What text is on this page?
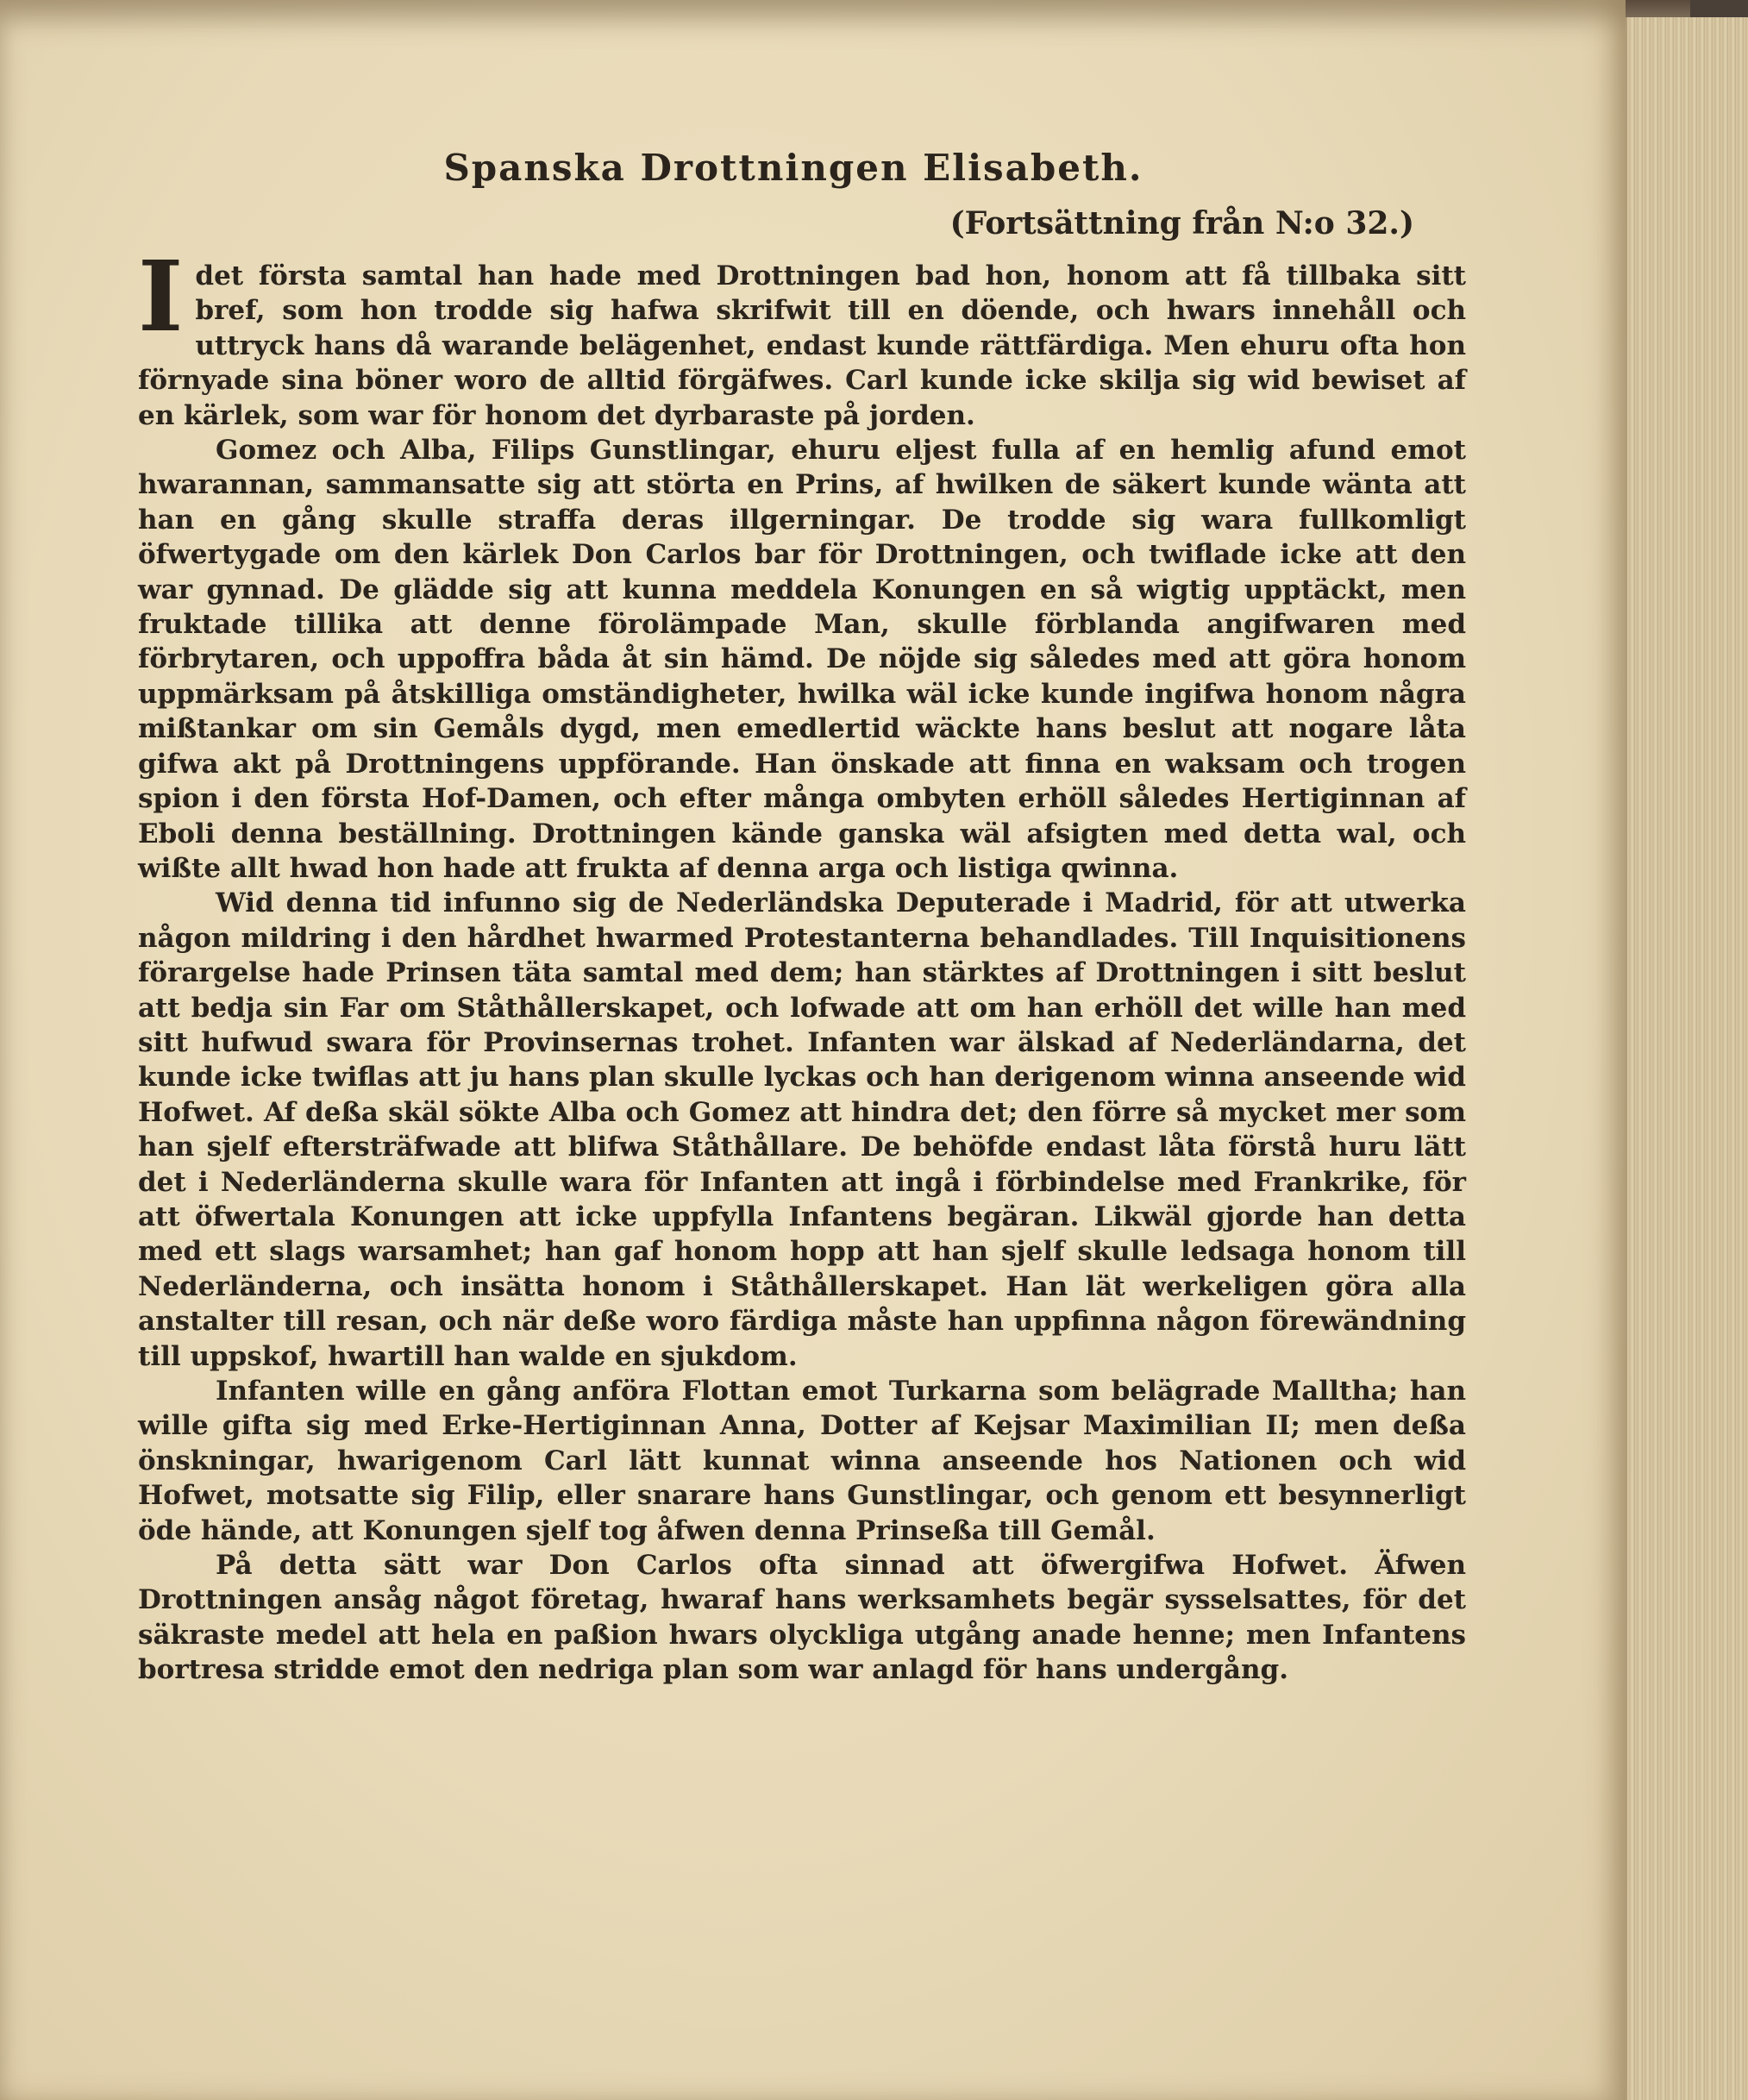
Spanska Drottningen Elisabeth.
(Fortsättning från N:o 32.)

I det första samtal han hade med Drottningen bad hon, honom att få tillbaka sitt bref, som hon trodde sig hafwa skrifwit till en döende, och hwars innehåll och uttryck hans då warande belägenhet, endast kunde rättfärdiga. Men ehuru ofta hon förnyade sina böner woro de alltid förgäfwes. Carl kunde icke skilja sig wid bewiset af en kärlek, som war för honom det dyrbaraste på jorden.

Gomez och Alba, Filips Gunstlingar, ehuru eljest fulla af en hemlig afund emot hwarannan, sammansatte sig att störta en Prins, af hwilken de säkert kunde wänta att han en gång skulle straffa deras illgerningar. De trodde sig wara fullkomligt öfwertygade om den kärlek Don Carlos bar för Drottningen, och twiflade icke att den war gynnad. De glädde sig att kunna meddela Konungen en så wigtig upptäckt, men fruktade tillika att denne förolämpade Man, skulle förblanda angifwaren med förbrytaren, och uppoffra båda åt sin hämd. De nöjde sig således med att göra honom uppmärksam på åtskilliga omständigheter, hwilka wäl icke kunde ingifwa honom några mißtankar om sin Gemåls dygd, men emedlertid wäckte hans beslut att nogare låta gifwa akt på Drottningens uppförande. Han önskade att finna en waksam och trogen spion i den första Hof-Damen, och efter många ombyten erhöll således Hertiginnan af Eboli denna beställning. Drottningen kände ganska wäl afsigten med detta wal, och wißte allt hwad hon hade att frukta af denna arga och listiga qwinna.

Wid denna tid infunno sig de Nederländska Deputerade i Madrid, för att utwerka någon mildring i den hårdhet hwarmed Protestanterna behandlades. Till Inquisitionens förargelse hade Prinsen täta samtal med dem; han stärktes af Drottningen i sitt beslut att bedja sin Far om Ståthållerskapet, och lofwade att om han erhöll det wille han med sitt hufwud swara för Provinsernas trohet. Infanten war älskad af Nederländarna, det kunde icke twiflas att ju hans plan skulle lyckas och han derigenom winna anseende wid Hofwet. Af deßa skäl sökte Alba och Gomez att hindra det; den förre så mycket mer som han sjelf eftersträfwade att blifwa Ståthållare. De behöfde endast låta förstå huru lätt det i Nederländerna skulle wara för Infanten att ingå i förbindelse med Frankrike, för att öfwertala Konungen att icke uppfylla Infantens begäran. Likwäl gjorde han detta med ett slags warsamhet; han gaf honom hopp att han sjelf skulle ledsaga honom till Nederländerna, och insätta honom i Ståthållerskapet. Han lät werkeligen göra alla anstalter till resan, och när deße woro färdiga måste han uppfinna någon förewändning till uppskof, hwartill han walde en sjukdom.

Infanten wille en gång anföra Flottan emot Turkarna som belägrade Malltha; han wille gifta sig med Erke-Hertiginnan Anna, Dotter af Kejsar Maximilian II; men deßa önskningar, hwarigenom Carl lätt kunnat winna anseende hos Nationen och wid Hofwet, motsatte sig Filip, eller snarare hans Gunstlingar, och genom ett besynnerligt öde hände, att Konungen sjelf tog åfwen denna Prinseßa till Gemål.

På detta sätt war Don Carlos ofta sinnad att öfwergifwa Hofwet. Äfwen Drottningen ansåg något företag, hwaraf hans werksamhets begär sysselsattes, för det säkraste medel att hela en paßion hwars olyckliga utgång anade henne; men Infantens bortresa stridde emot den nedriga plan som war anlagd för hans undergång.
